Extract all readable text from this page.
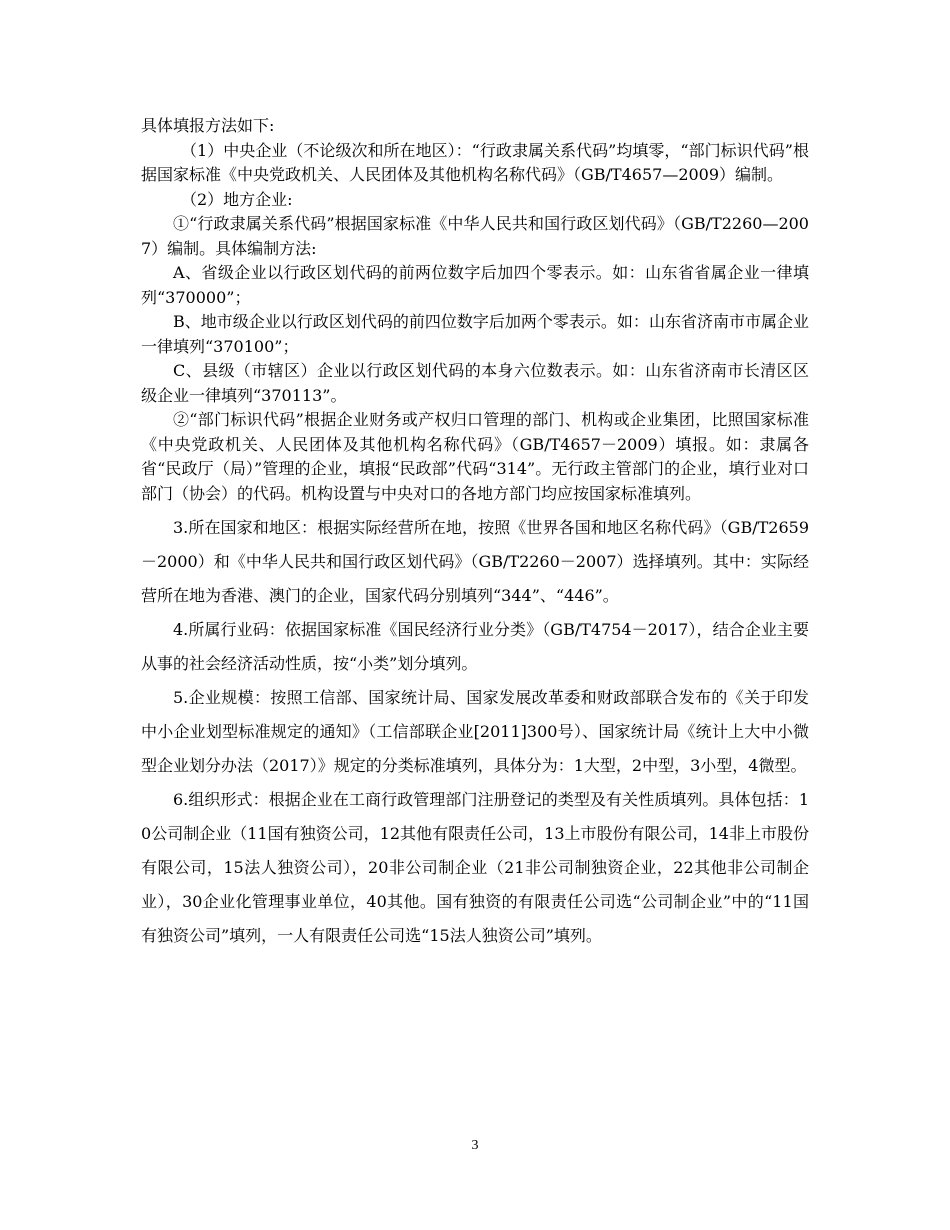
具体填报方法如下:

（1）中央企业（不论级次和所在地区）：“行政隶属关系代码”均填零，“部门标识代码”根据国家标准《中央党政机关、人民团体及其他机构名称代码》（GB/T4657—2009）编制。

（2）地方企业:

①“行政隶属关系代码”根据国家标准《中华人民共和国行政区划代码》（GB/T2260—2007）编制。具体编制方法:

A、省级企业以行政区划代码的前两位数字后加四个零表示。如：山东省省属企业一律填列“370000”；

B、地市级企业以行政区划代码的前四位数字后加两个零表示。如：山东省济南市市属企业一律填列“370100”；

C、县级（市辖区）企业以行政区划代码的本身六位数表示。如：山东省济南市长清区区级企业一律填列“370113”。

②“部门标识代码”根据企业财务或产权归口管理的部门、机构或企业集团，比照国家标准《中央党政机关、人民团体及其他机构名称代码》（GB/T4657－2009）填报。如：隶属各省“民政厅（局）”管理的企业，填报“民政部”代码“314”。无行政主管部门的企业，填行业对口部门（协会）的代码。机构设置与中央对口的各地方部门均应按国家标准填列。

3.所在国家和地区：根据实际经营所在地，按照《世界各国和地区名称代码》（GB/T2659－2000）和《中华人民共和国行政区划代码》（GB/T2260－2007）选择填列。其中：实际经营所在地为香港、澳门的企业，国家代码分别填列“344”、“446”。

4.所属行业码：依据国家标准《国民经济行业分类》（GB/T4754－2017），结合企业主要从事的社会经济活动性质，按“小类”划分填列。

5.企业规模：按照工信部、国家统计局、国家发展改革委和财政部联合发布的《关于印发中小企业划型标准规定的通知》（工信部联企业[2011]300号）、国家统计局《统计上大中小微型企业划分办法（2017）》规定的分类标准填列，具体分为：1大型，2中型，3小型，4微型。

6.组织形式：根据企业在工商行政管理部门注册登记的类型及有关性质填列。具体包括：10公司制企业（11国有独资公司，12其他有限责任公司，13上市股份有限公司，14非上市股份有限公司，15法人独资公司），20非公司制企业（21非公司制独资企业，22其他非公司制企业），30企业化管理事业单位，40其他。国有独资的有限责任公司选“公司制企业”中的“11国有独资公司”填列，一人有限责任公司选“15法人独资公司”填列。

3
